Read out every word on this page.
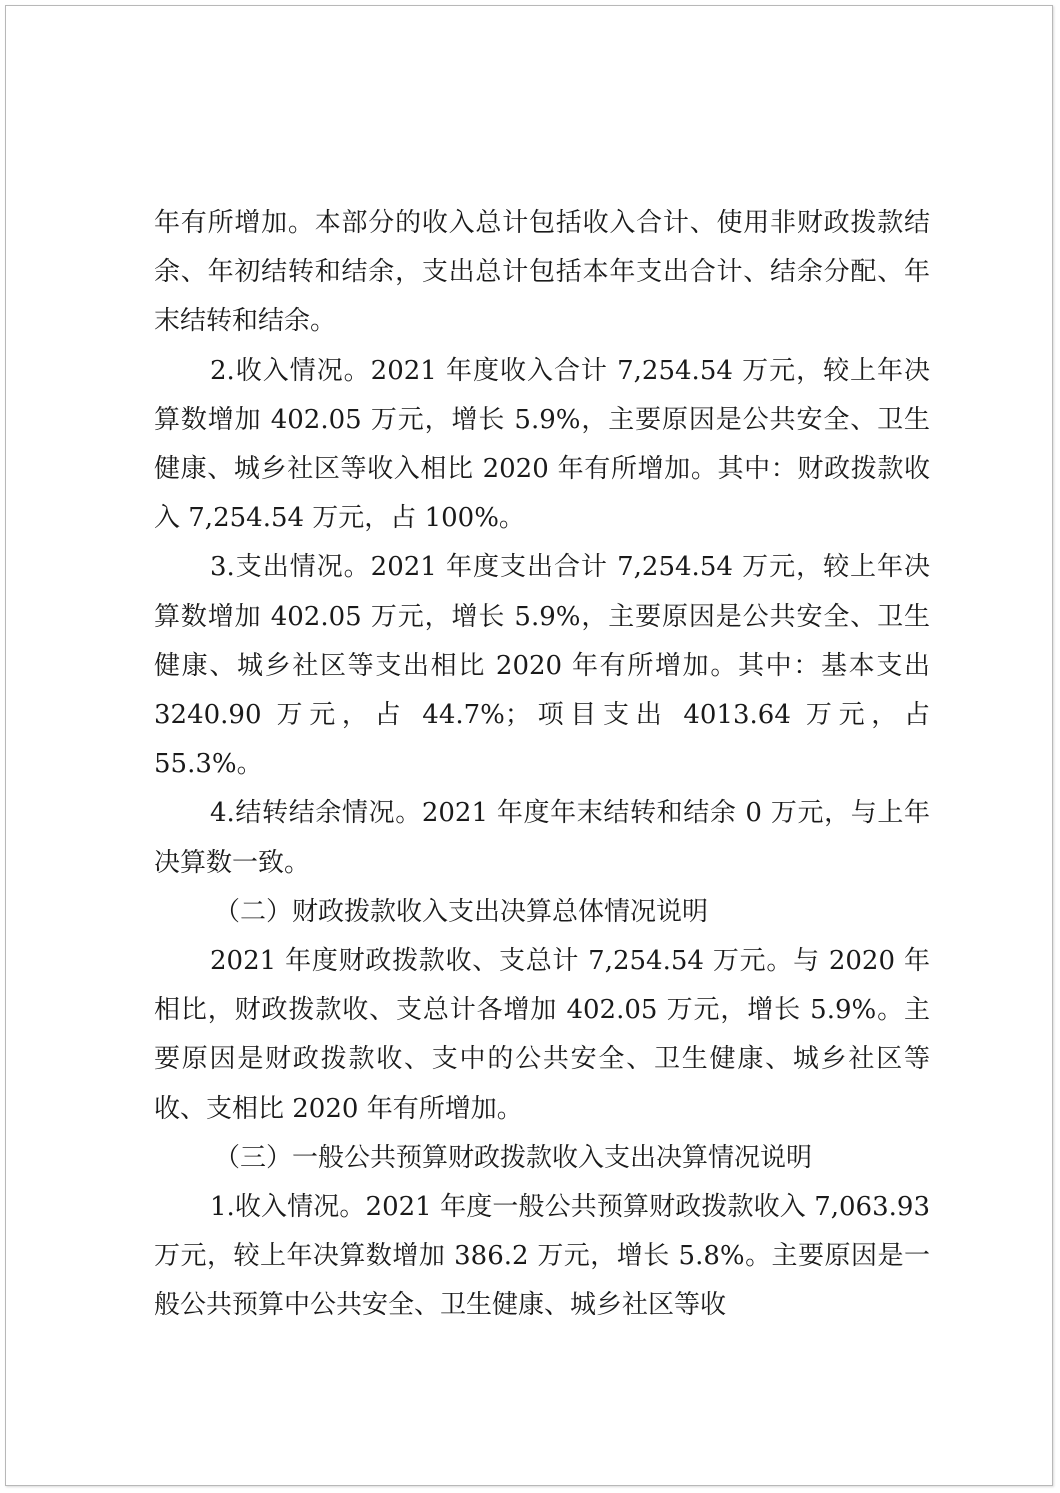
年有所增加。本部分的收入总计包括收入合计、使用非财政拨款结余、年初结转和结余，支出总计包括本年支出合计、结余分配、年末结转和结余。

2.收入情况。2021 年度收入合计 7,254.54 万元，较上年决算数增加 402.05 万元，增长 5.9%，主要原因是公共安全、卫生健康、城乡社区等收入相比 2020 年有所增加。其中：财政拨款收入 7,254.54 万元，占 100%。

3.支出情况。2021 年度支出合计 7,254.54 万元，较上年决算数增加 402.05 万元，增长 5.9%，主要原因是公共安全、卫生健康、城乡社区等支出相比 2020 年有所增加。其中：基本支出 3240.90 万元，占 44.7%；项目支出 4013.64 万元，占 55.3%。

4.结转结余情况。2021 年度年末结转和结余 0 万元，与上年决算数一致。

（二）财政拨款收入支出决算总体情况说明

2021 年度财政拨款收、支总计 7,254.54 万元。与 2020 年相比，财政拨款收、支总计各增加 402.05 万元，增长 5.9%。主要原因是财政拨款收、支中的公共安全、卫生健康、城乡社区等收、支相比 2020 年有所增加。

（三）一般公共预算财政拨款收入支出决算情况说明

1.收入情况。2021 年度一般公共预算财政拨款收入 7,063.93 万元，较上年决算数增加 386.2 万元，增长 5.8%。主要原因是一般公共预算中公共安全、卫生健康、城乡社区等收
